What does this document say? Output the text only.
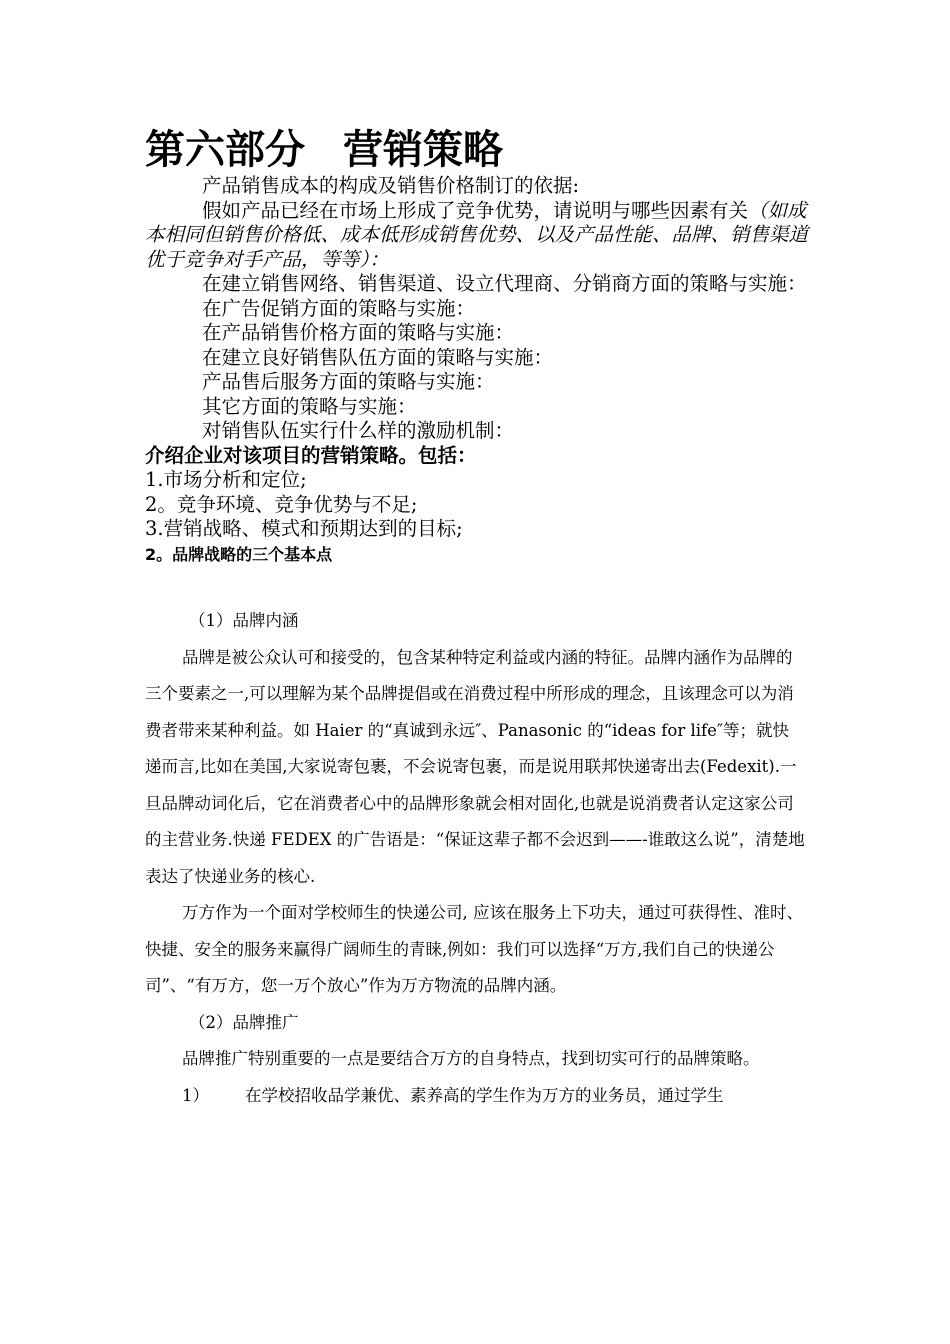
第六部分 营销策略

产品销售成本的构成及销售价格制订的依据:

假如产品已经在市场上形成了竞争优势，请说明与哪些因素有关（如成本相同但销售价格低、成本低形成销售优势、以及产品性能、品牌、销售渠道优于竞争对手产品，等等）：

在建立销售网络、销售渠道、设立代理商、分销商方面的策略与实施：

在广告促销方面的策略与实施：

在产品销售价格方面的策略与实施：

在建立良好销售队伍方面的策略与实施：

产品售后服务方面的策略与实施：

其它方面的策略与实施：

对销售队伍实行什么样的激励机制：

介绍企业对该项目的营销策略。包括：

1.市场分析和定位;

2。竞争环境、竞争优势与不足;

3.营销战略、模式和预期达到的目标;

2。品牌战略的三个基本点

（1）品牌内涵

品牌是被公众认可和接受的，包含某种特定利益或内涵的特征。品牌内涵作为品牌的三个要素之一,可以理解为某个品牌提倡或在消费过程中所形成的理念，且该理念可以为消费者带来某种利益。如 Haier 的“真诚到永远″、Panasonic 的“ideas for life″等；就快递而言,比如在美国,大家说寄包裹，不会说寄包裹，而是说用联邦快递寄出去(Fedexit).一旦品牌动词化后，它在消费者心中的品牌形象就会相对固化,也就是说消费者认定这家公司的主营业务.快递 FEDEX 的广告语是：“保证这辈子都不会迟到——-谁敢这么说”，清楚地表达了快递业务的核心.

万方作为一个面对学校师生的快递公司, 应该在服务上下功夫，通过可获得性、准时、快捷、安全的服务来赢得广阔师生的青睐,例如：我们可以选择“万方,我们自己的快递公司”、“有万方，您一万个放心”作为万方物流的品牌内涵。

（2）品牌推广

品牌推广特别重要的一点是要结合万方的自身特点，找到切实可行的品牌策略。

1） 在学校招收品学兼优、素养高的学生作为万方的业务员，通过学生
